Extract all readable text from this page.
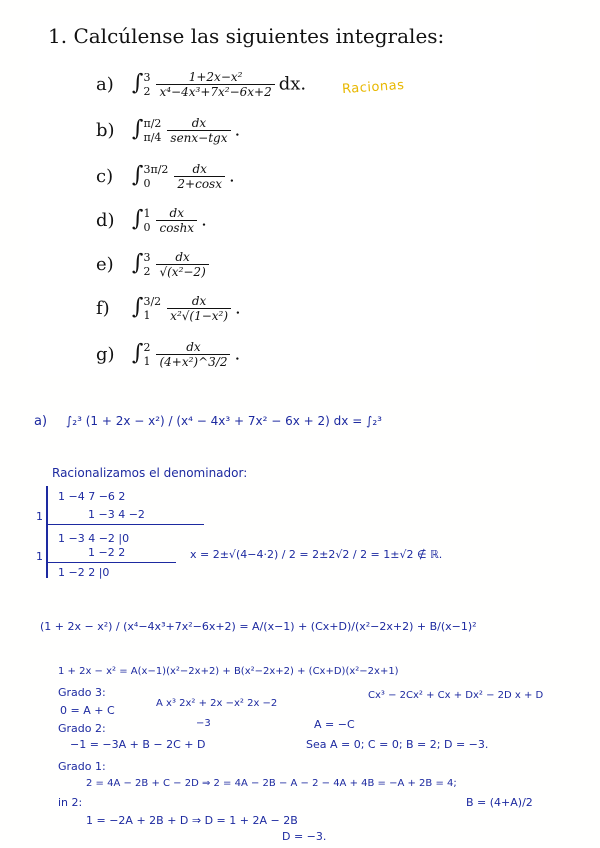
1. Calcúlense las siguientes integrales:
a) ∫ 3
$2 \frac{\text{1+2x−x²}}{\text{x⁴−4x³+7x²−6x+2}}$ dx.
b) ∫ π/2
$\pi/4 \frac{dx}{\text{senx−tgx}}$ .
c) ∫ 3π/2
0	$\frac{dx}{2+\cos x}$ .
d) ∫ 1
$0 \frac{dx}{\cosh x}$ .
e) ∫ 3
$2 \frac{dx}{\text{√(x²−2)}}$
f) ∫ 3/2
1	$\frac{dx}{\text{x²√(1−x²)}}$ .
g) ∫ 2
$1 \frac{dx}{\text{(4+x²)\textasciicircum{}3/2}}$ .
Racionas
a) ∫₂³ (1 + 2x − x²) / (x⁴ − 4x³ + 7x² − 6x + 2) dx = ∫₂³
Racionalizamos el denominador:
1 −4 7 −6 2
1	1 −3 4 −2
1 −3 4 −2 |0
1	1 −2 2
1 −2 2 |0
x = 2±√(4−4·2) / 2 = 2±2√2 / 2 = 1±√2 ∉ ℝ.
(1 + 2x − x²) / (x⁴−4x³+7x²−6x+2) = A/(x−1) + (Cx+D)/(x²−2x+2) + B/(x−1)²
1 + 2x − x² = A(x−1)(x²−2x+2) + B(x²−2x+2) + (Cx+D)(x²−2x+1)
Grado 3:
0 = A + C
A x³ 2x² + 2x −x² 2x −2
Cx³ − 2Cx² + Cx + Dx² − 2D x + D
Grado 2:	−3	A = −C
−1 = −3A + B − 2C + D	Sea A = 0; C = 0; B = 2; D = −3.
Grado 1:
2 = 4A − 2B + C − 2D ⇒ 2 = 4A − 2B − A − 2 − 4A + 4B = −A + 2B = 4;
in 2:	B = (4+A)/2
1 = −2A + 2B + D ⇒ D = 1 + 2A − 2B
D = −3.
